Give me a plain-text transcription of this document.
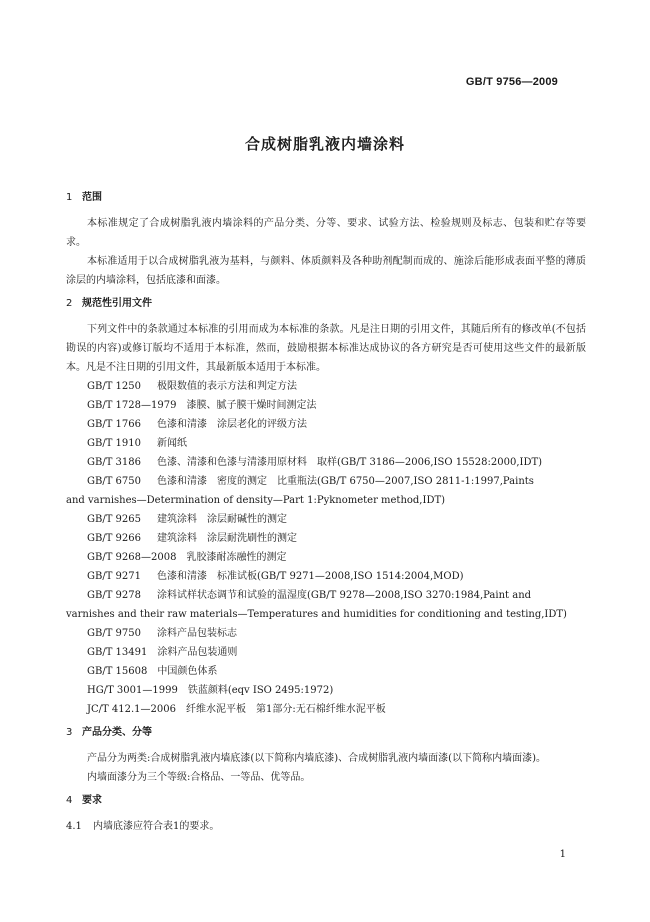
GB/T 9756—2009
合成树脂乳液内墙涂料
1 范围

本标准规定了合成树脂乳液内墙涂料的产品分类、分等、要求、试验方法、检验规则及标志、包装和贮存等要求。

本标准适用于以合成树脂乳液为基料，与颜料、体质颜料及各种助剂配制而成的、施涂后能形成表面平整的薄质涂层的内墙涂料，包括底漆和面漆。

2 规范性引用文件

下列文件中的条款通过本标准的引用而成为本标准的条款。凡是注日期的引用文件，其随后所有的修改单(不包括勘误的内容)或修订版均不适用于本标准，然而，鼓励根据本标准达成协议的各方研究是否可使用这些文件的最新版本。凡是不注日期的引用文件，其最新版本适用于本标准。

GB/T 1250　 极限数值的表示方法和判定方法

GB/T 1728—1979　 漆膜、腻子膜干燥时间测定法

GB/T 1766　 色漆和清漆　涂层老化的评级方法

GB/T 1910　 新闻纸

GB/T 3186　 色漆、清漆和色漆与清漆用原材料　取样(GB/T 3186—2006,ISO 15528:2000,IDT)

GB/T 6750　 色漆和清漆　密度的测定　比重瓶法(GB/T 6750—2007,ISO 2811-1:1997,Paints

and varnishes—Determination of density—Part 1:Pyknometer method,IDT)

GB/T 9265　 建筑涂料　涂层耐碱性的测定

GB/T 9266　 建筑涂料　涂层耐洗刷性的测定

GB/T 9268—2008　 乳胶漆耐冻融性的测定

GB/T 9271　 色漆和清漆　标准试板(GB/T 9271—2008,ISO 1514:2004,MOD)

GB/T 9278　 涂料试样状态调节和试验的温湿度(GB/T 9278—2008,ISO 3270:1984,Paint and

varnishes and their raw materials—Temperatures and humidities for conditioning and testing,IDT)

GB/T 9750　 涂料产品包装标志

GB/T 13491　 涂料产品包装通则

GB/T 15608　 中国颜色体系

HG/T 3001—1999　 铁蓝颜料(eqv ISO 2495:1972)

JC/T 412.1—2006　 纤维水泥平板　第1部分:无石棉纤维水泥平板

3 产品分类、分等

产品分为两类:合成树脂乳液内墙底漆(以下简称内墙底漆)、合成树脂乳液内墙面漆(以下简称内墙面漆)。

内墙面漆分为三个等级:合格品、一等品、优等品。

4 要求

4.1 内墙底漆应符合表1的要求。

1
